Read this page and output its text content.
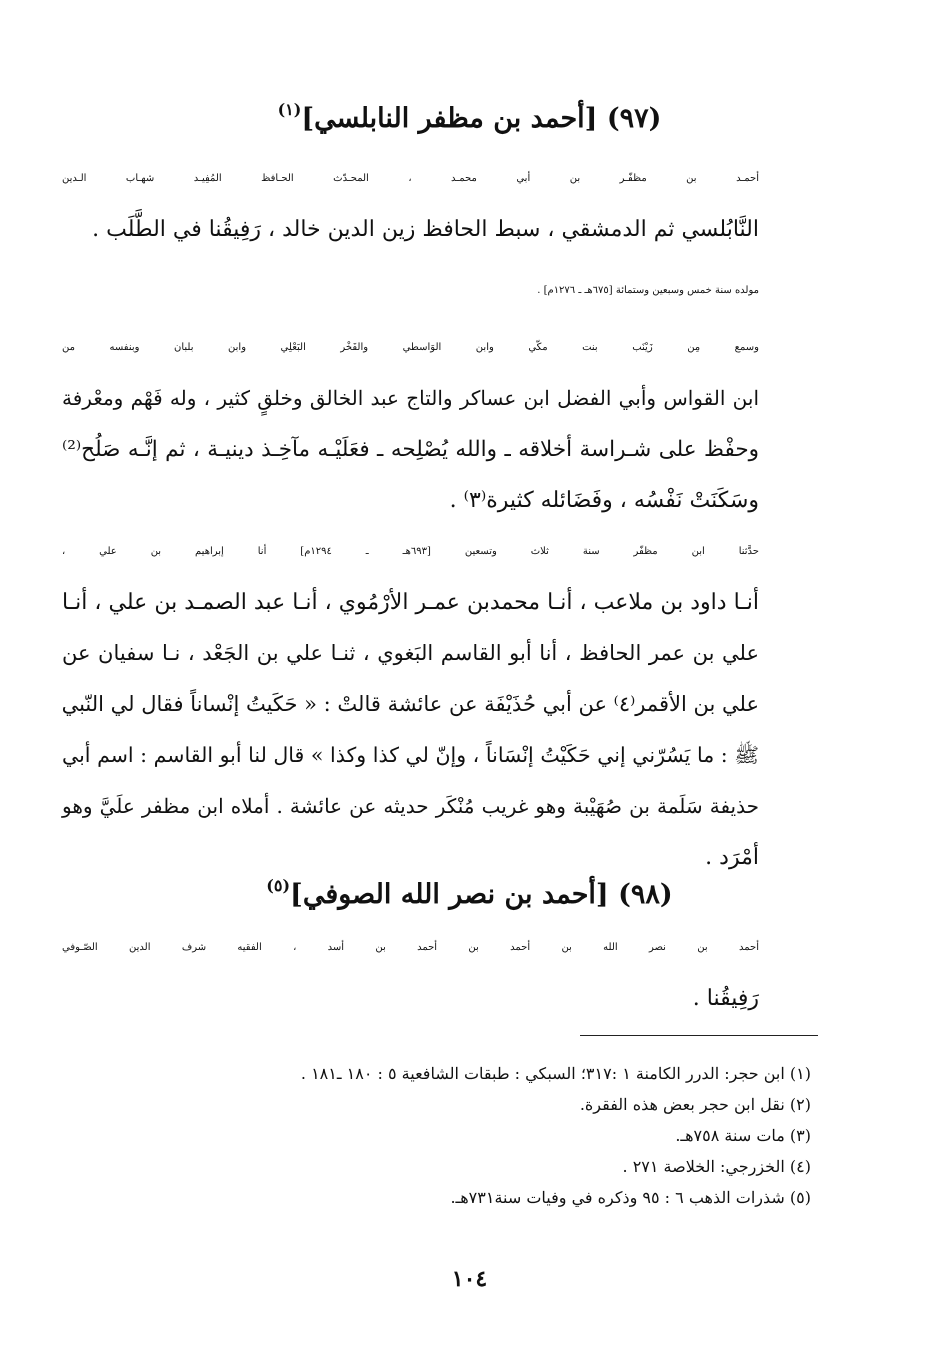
(٩٧) [أحمد بن مظفر النابلسي]$^{(١)}$
أحمـد بن مظفّـر بن أبي محمـد ، المحـدّث الحـافظ المُفِيـد شهـاب الـدين
النَّابُلسي ثم الدمشقي ، سبط الحافظ زين الدين خالد ، رَفِيقُنا في الطَّلَب .
مولده سنة خمس وسبعين وستمائة [٦٧٥هـ ـ ١٢٧٦م] .
وسمع مِن زَيْنَب بنت مكّي وابن الوَاسطي والفَخْر البَعْلِي وابن بلبان وبنفسه من
ابن القواس وأبي الفضل ابن عساكر والتاج عبد الخالق وخلقٍ كثير ، وله فَهْم ومعْرفة
وحفْظ على شـراسة أخلاقه ـ والله يُصْلِحه ـ فعَلَيْـه مآخِـذ دينيـة ، ثم إنَّـه صَلُح⁽²⁾
وسَكَنَتْ نَفْسُه ، وفَضَائله كثيرة⁽٣⁾ .
حدَّثنا ابن مظفّر سنة ثلاث وتسعين [٦٩٣هـ ـ ١٢٩٤م] أنا إبراهيم بن علي ،
أنـا داود بن ملاعب ، أنـا محمدبن عمـر الأرْمُوي ، أنـا عبد الصمـد بن علي ، أنـا
علي بن عمر الحافظ ، أنا أبو القاسم البَغوي ، ثنـا علي بن الجَعْد ، نـا سفيان عن
علي بن الأقمر⁽٤⁾ عن أبي حُذَيْفَة عن عائشة قالتْ : « حَكَيتُ إنْساناً فقال لي النّبي
ﷺ : ما يَسُرّني إني حَكَيْتُ إنْسَاناً ، وإنّ لي كذا وكذا » قال لنا أبو القاسم : اسم أبي
حذيفة سَلَمة بن صُهَيْبة وهو غريب مُنْكَر حديثه عن عائشة . أملاه ابن مظفر علَيَّ وهو
أمْرَد .
(٩٨) [أحمد بن نصر الله الصوفي]$^{(٥)}$
أحمد بن نصر الله بن أحمد بن أحمد بن أسد ، الفقيه شرف الدين الصّـوفي
رَفِيقُنا .
(١) ابن حجر: الدرر الكامنة ١ :٣١٧؛ السبكي : طبقات الشافعية ٥ : ١٨٠ ـ١٨١ .
(٢) نقل ابن حجر بعض هذه الفقرة.
(٣) مات سنة ٧٥٨هـ.
(٤) الخزرجي: الخلاصة ٢٧١ .
(٥) شذرات الذهب ٦ : ٩٥ وذكره في وفيات سنة٧٣١هـ.
١٠٤
